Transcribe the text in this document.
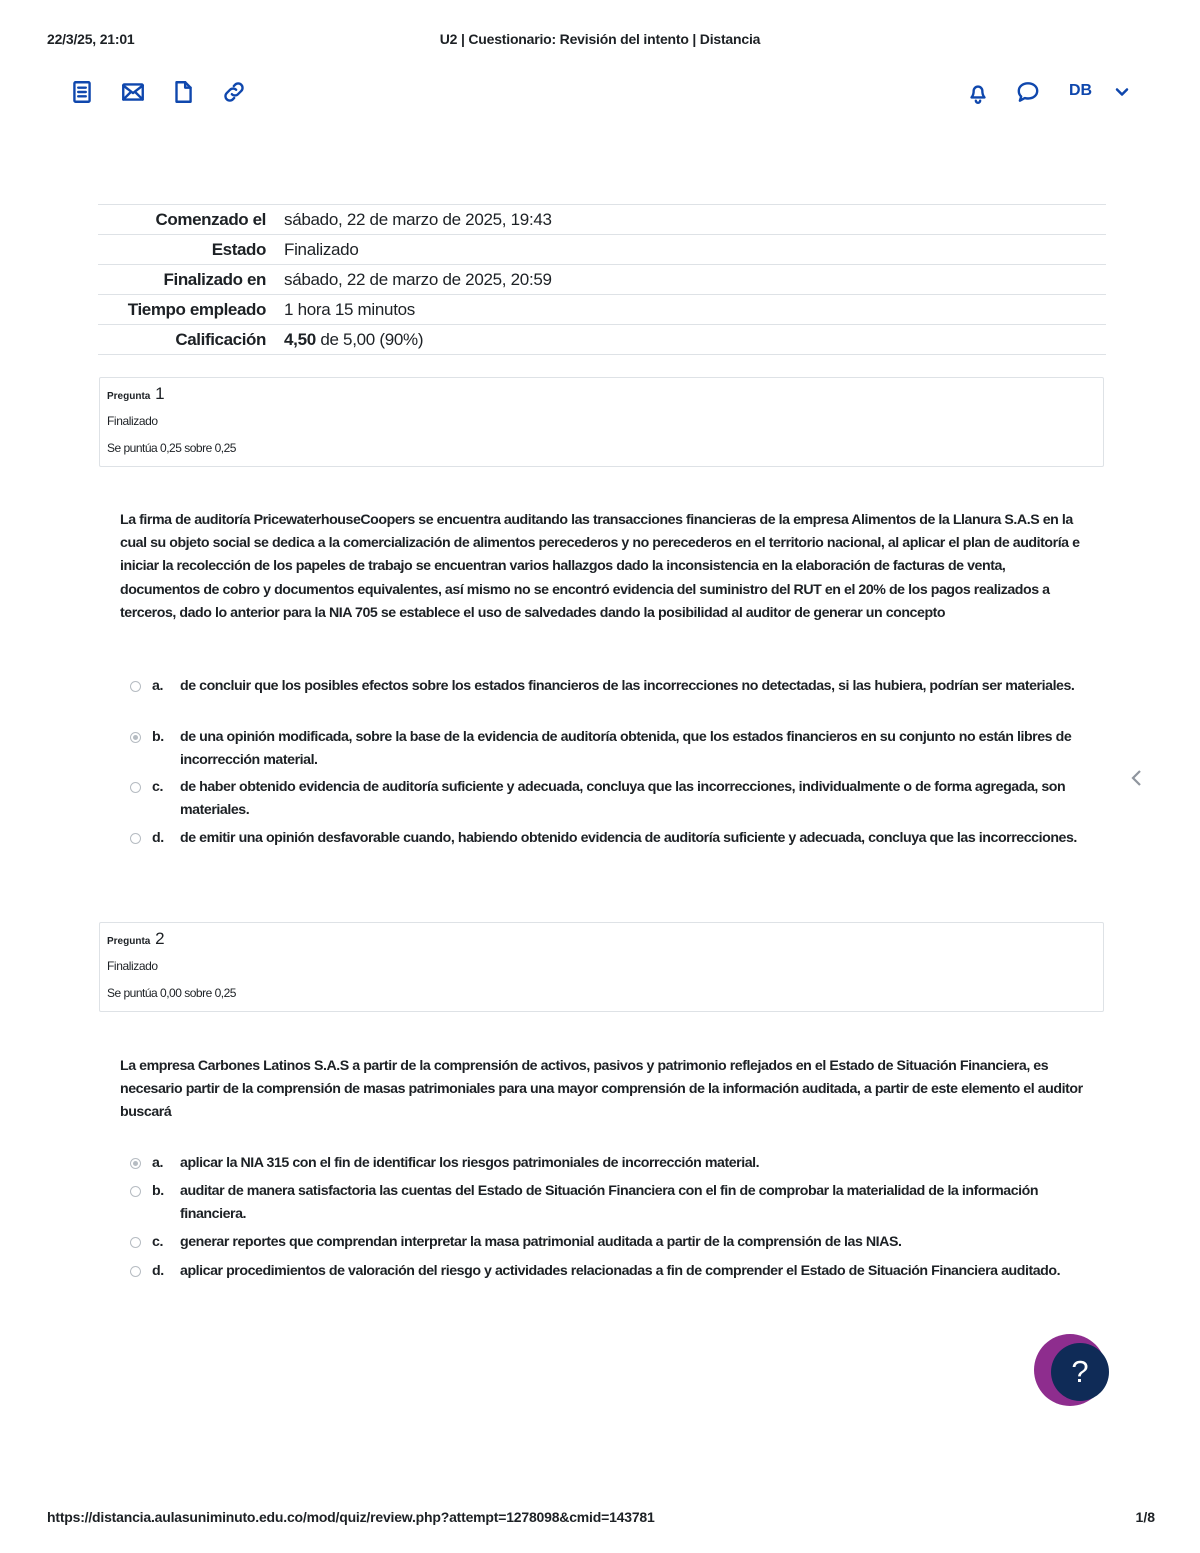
22/3/25, 21:01	U2 | Cuestionario: Revisión del intento | Distancia
https://distancia.aulasuniminuto.edu.co/mod/quiz/review.php?attempt=1278098&cmid=143781	1/8
DB
Comenzado el	sábado, 22 de marzo de 2025, 19:43
Estado	Finalizado
Finalizado en	sábado, 22 de marzo de 2025, 20:59
Tiempo empleado	1 hora 15 minutos
Calificación	4,50 de 5,00 (90%)
Pregunta 1
Finalizado
Se puntúa 0,25 sobre 0,25
La firma de auditoría PricewaterhouseCoopers se encuentra auditando las transacciones financieras de la empresa Alimentos de la Llanura S.A.S en la cual su objeto social se dedica a la comercialización de alimentos perecederos y no perecederos en el territorio nacional, al aplicar el plan de auditoría e iniciar la recolección de los papeles de trabajo se encuentran varios hallazgos dado la inconsistencia en la elaboración de facturas de venta, documentos de cobro y documentos equivalentes, así mismo no se encontró evidencia del suministro del RUT en el 20% de los pagos realizados a terceros, dado lo anterior para la NIA 705 se establece el uso de salvedades dando la posibilidad al auditor de generar un concepto
a. de concluir que los posibles efectos sobre los estados financieros de las incorrecciones no detectadas, si las hubiera, podrían ser materiales.
b. de una opinión modificada, sobre la base de la evidencia de auditoría obtenida, que los estados financieros en su conjunto no están libres de incorrección material.
c. de haber obtenido evidencia de auditoría suficiente y adecuada, concluya que las incorrecciones, individualmente o de forma agregada, son materiales.
d. de emitir una opinión desfavorable cuando, habiendo obtenido evidencia de auditoría suficiente y adecuada, concluya que las incorrecciones.
Pregunta 2
Finalizado
Se puntúa 0,00 sobre 0,25
La empresa Carbones Latinos S.A.S a partir de la comprensión de activos, pasivos y patrimonio reflejados en el Estado de Situación Financiera, es necesario partir de la comprensión de masas patrimoniales para una mayor comprensión de la información auditada, a partir de este elemento el auditor buscará
a. aplicar la NIA 315 con el fin de identificar los riesgos patrimoniales de incorrección material.
b. auditar de manera satisfactoria las cuentas del Estado de Situación Financiera con el fin de comprobar la materialidad de la información financiera.
c. generar reportes que comprendan interpretar la masa patrimonial auditada a partir de la comprensión de las NIAS.
d. aplicar procedimientos de valoración del riesgo y actividades relacionadas a fin de comprender el Estado de Situación Financiera auditado.
?
